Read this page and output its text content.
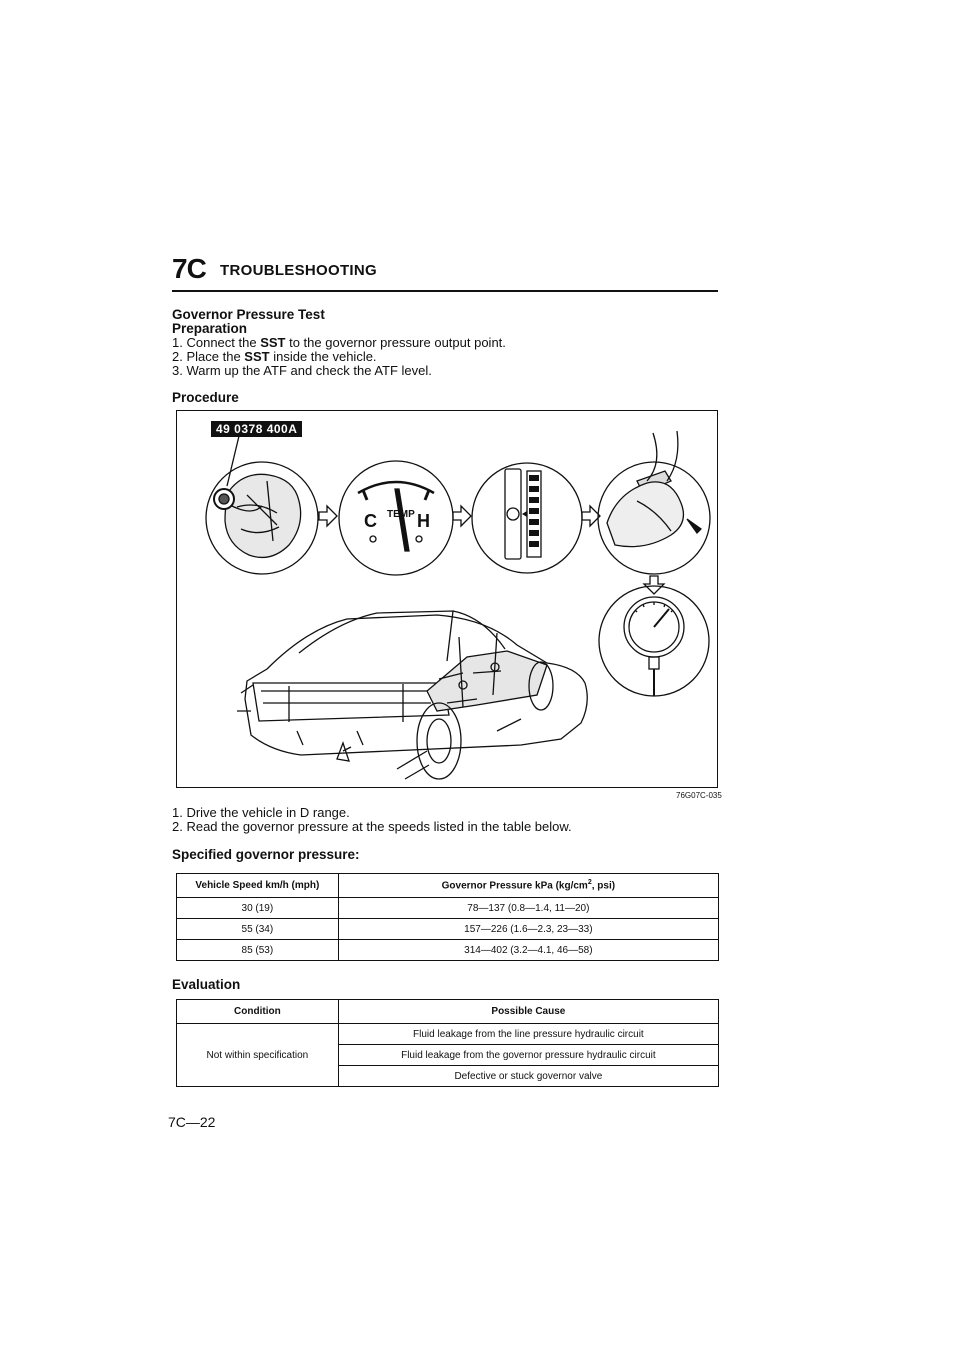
7C TROUBLESHOOTING
Governor Pressure Test
Preparation
1. Connect the SST to the governor pressure output point.
2. Place the SST inside the vehicle.
3. Warm up the ATF and check the ATF level.
Procedure
49 0378 400A
C H
TEMP
76G07C-035
1. Drive the vehicle in D range.
2. Read the governor pressure at the speeds listed in the table below.
Specified governor pressure:
Vehicle Speed km/h (mph)	Governor Pressure kPa ($kg/cm^2$, psi)
30 (19)	78—137 (0.8—1.4, 11—20)
55 (34)	157—226 (1.6—2.3, 23—33)
85 (53)	314—402 (3.2—4.1, 46—58)
Evaluation
Condition	Possible Cause
Not within specification	Fluid leakage from the line pressure hydraulic circuit
	Fluid leakage from the governor pressure hydraulic circuit
	Defective or stuck governor valve
7C—22
